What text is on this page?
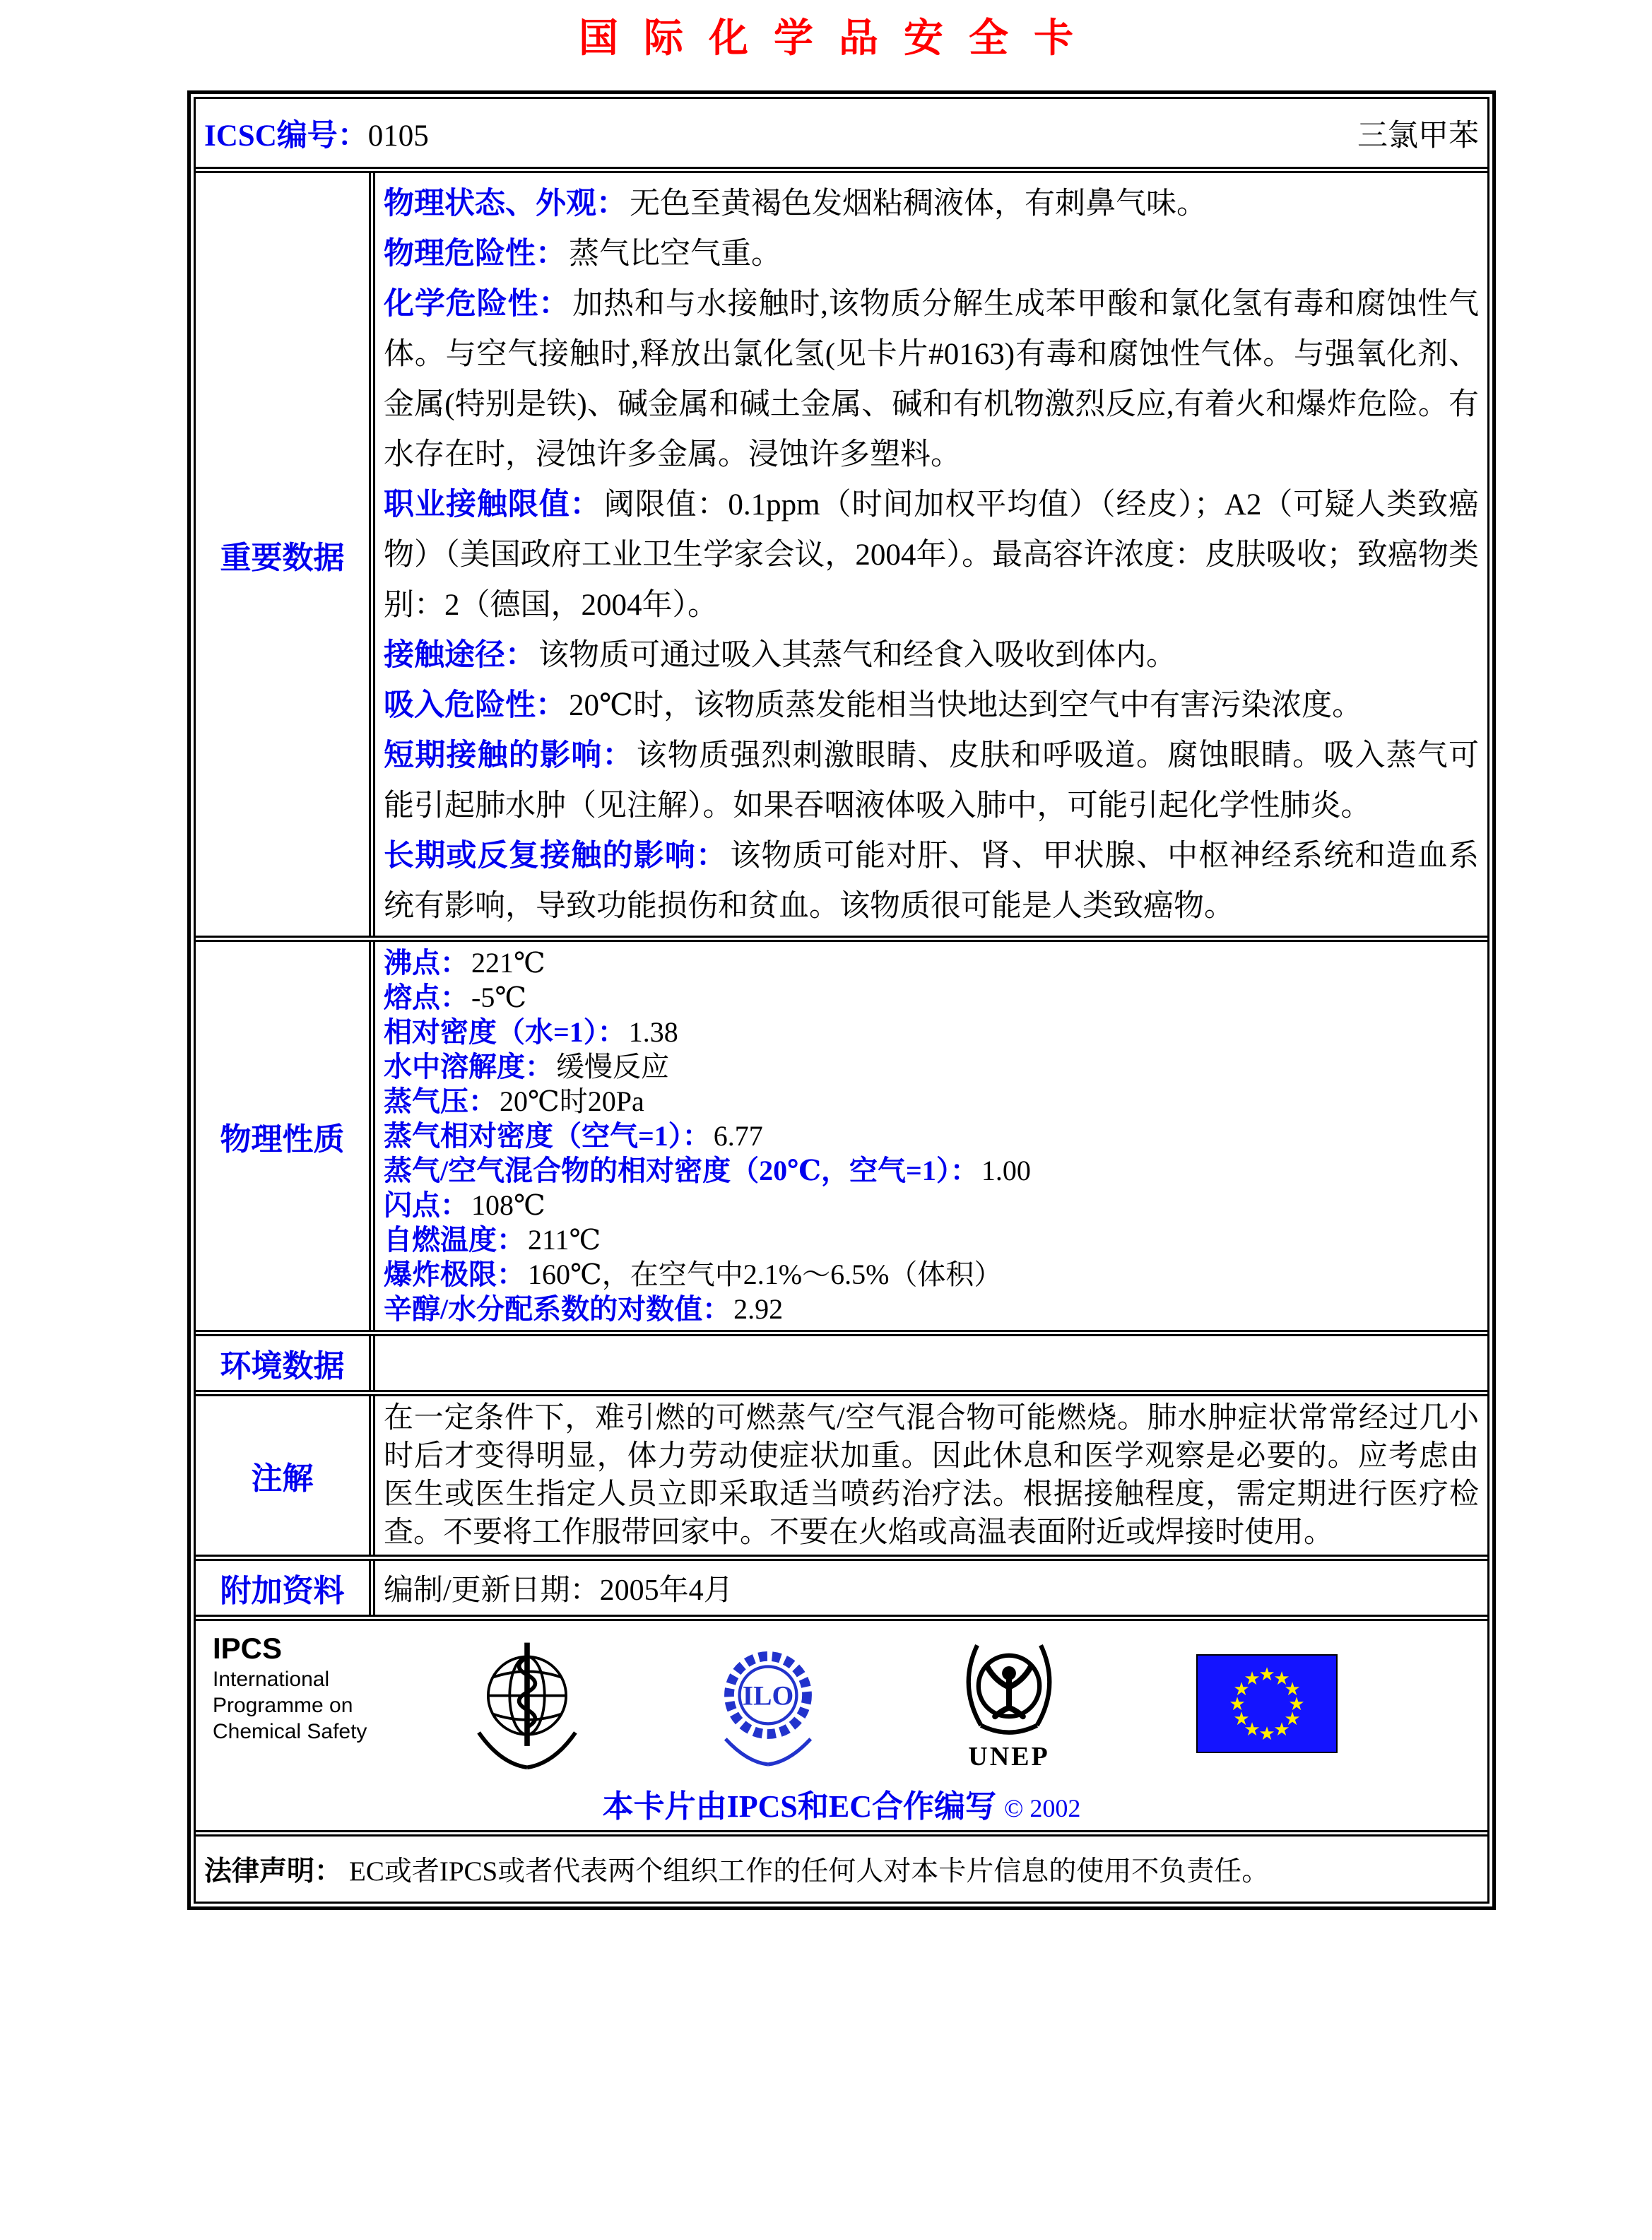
国际化学品安全卡
ICSC编号：0105	三氯甲苯
重要数据
物理状态、外观：无色至黄褐色发烟粘稠液体，有刺鼻气味。
物理危险性：蒸气比空气重。
化学危险性：加热和与水接触时,该物质分解生成苯甲酸和氯化氢有毒和腐蚀性气体。与空气接触时,释放出氯化氢(见卡片#0163)有毒和腐蚀性气体。与强氧化剂、金属(特别是铁)、碱金属和碱土金属、碱和有机物激烈反应,有着火和爆炸危险。有水存在时，浸蚀许多金属。浸蚀许多塑料。
职业接触限值：阈限值：0.1ppm（时间加权平均值）（经皮）；A2（可疑人类致癌物）（美国政府工业卫生学家会议，2004年）。最高容许浓度：皮肤吸收；致癌物类别：2（德国，2004年）。
接触途径：该物质可通过吸入其蒸气和经食入吸收到体内。
吸入危险性：20℃时，该物质蒸发能相当快地达到空气中有害污染浓度。
短期接触的影响：该物质强烈刺激眼睛、皮肤和呼吸道。腐蚀眼睛。吸入蒸气可能引起肺水肿（见注解）。如果吞咽液体吸入肺中，可能引起化学性肺炎。
长期或反复接触的影响：该物质可能对肝、肾、甲状腺、中枢神经系统和造血系统有影响，导致功能损伤和贫血。该物质很可能是人类致癌物。
物理性质
沸点： 221℃
熔点： -5℃
相对密度（水=1）： 1.38
水中溶解度： 缓慢反应
蒸气压： 20℃时20Pa
蒸气相对密度（空气=1）： 6.77
蒸气/空气混合物的相对密度（20℃，空气=1）： 1.00
闪点： 108℃
自燃温度： 211℃
爆炸极限： 160℃，在空气中2.1%～6.5%（体积）
辛醇/水分配系数的对数值： 2.92
环境数据
注解
在一定条件下，难引燃的可燃蒸气/空气混合物可能燃烧。肺水肿症状常常经过几小时后才变得明显，体力劳动使症状加重。因此休息和医学观察是必要的。应考虑由医生或医生指定人员立即采取适当喷药治疗法。根据接触程度，需定期进行医疗检查。不要将工作服带回家中。不要在火焰或高温表面附近或焊接时使用。
附加资料	编制/更新日期： 2005年4月
IPCS
International
Programme on
Chemical Safety
ILO
UNEP
★
★
★
★
★
★
★
★
★
★
★
★
本卡片由IPCS和EC合作编写 © 2002
法律声明： EC或者IPCS或者代表两个组织工作的任何人对本卡片信息的使用不负责任。
